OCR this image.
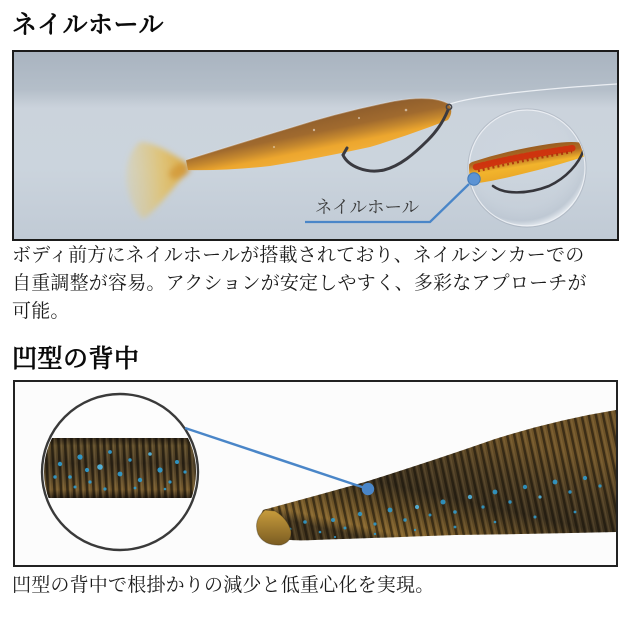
ネイルホール
ネイルホール

ボディ前方にネイルホールが搭載されており、ネイルシンカーでの自重調整が容易。アクションが安定しやすく、多彩なアプローチが可能。

凹型の背中

凹型の背中で根掛かりの減少と低重心化を実現。
